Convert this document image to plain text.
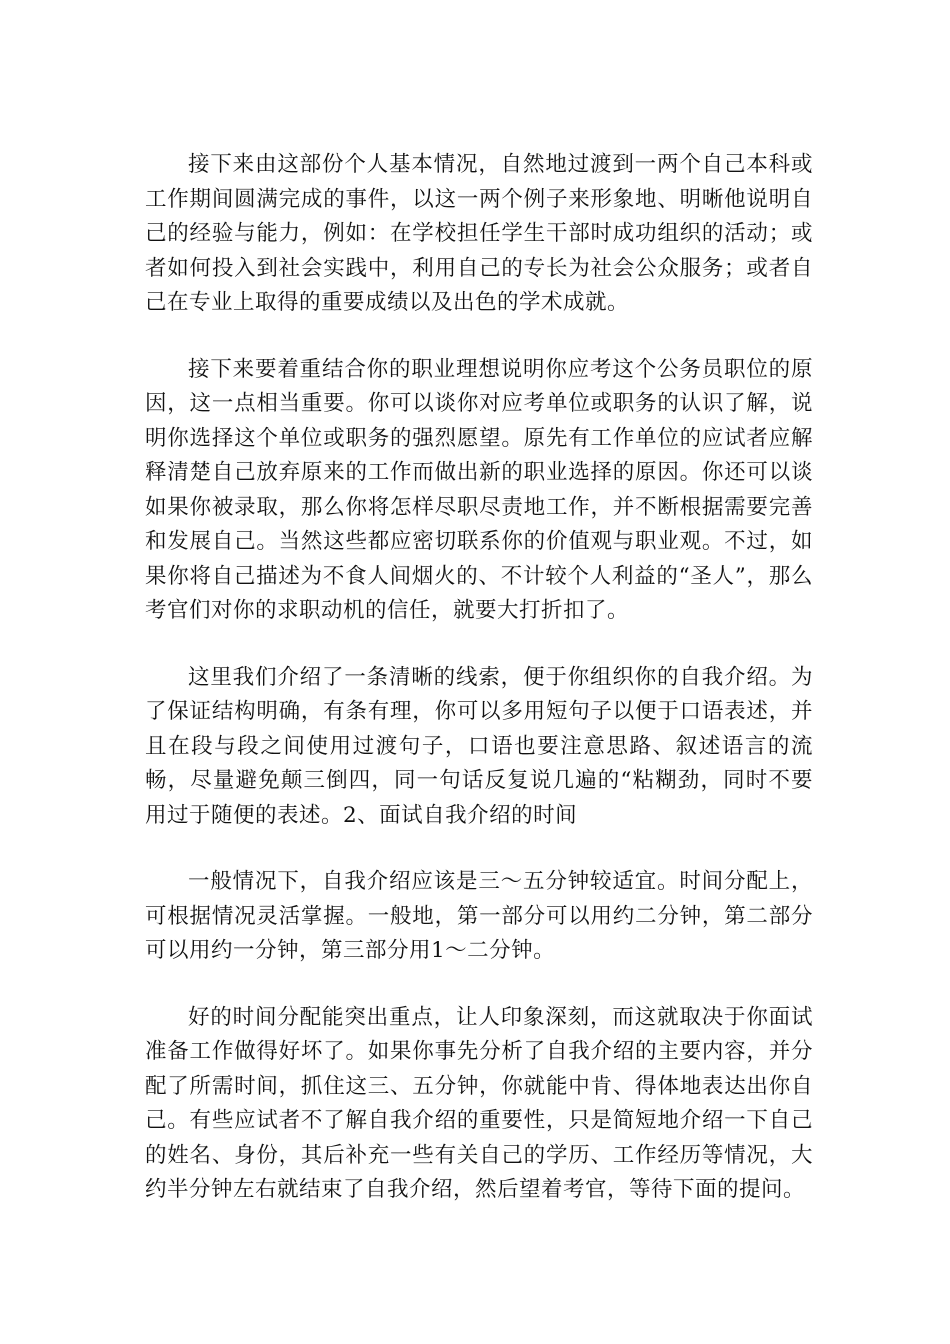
接下来由这部份个人基本情况，自然地过渡到一两个自己本科或工作期间圆满完成的事件，以这一两个例子来形象地、明晰他说明自己的经验与能力，例如：在学校担任学生干部时成功组织的活动；或者如何投入到社会实践中，利用自己的专长为社会公众服务；或者自己在专业上取得的重要成绩以及出色的学术成就。

接下来要着重结合你的职业理想说明你应考这个公务员职位的原因，这一点相当重要。你可以谈你对应考单位或职务的认识了解，说明你选择这个单位或职务的强烈愿望。原先有工作单位的应试者应解释清楚自己放弃原来的工作而做出新的职业选择的原因。你还可以谈如果你被录取，那么你将怎样尽职尽责地工作，并不断根据需要完善和发展自己。当然这些都应密切联系你的价值观与职业观。不过，如果你将自己描述为不食人间烟火的、不计较个人利益的“圣人”，那么考官们对你的求职动机的信任，就要大打折扣了。

这里我们介绍了一条清晰的线索，便于你组织你的自我介绍。为了保证结构明确，有条有理，你可以多用短句子以便于口语表述，并且在段与段之间使用过渡句子，口语也要注意思路、叙述语言的流畅，尽量避免颠三倒四，同一句话反复说几遍的“粘糊劲，同时不要用过于随便的表述。2、面试自我介绍的时间

一般情况下，自我介绍应该是三～五分钟较适宜。时间分配上，可根据情况灵活掌握。一般地，第一部分可以用约二分钟，第二部分可以用约一分钟，第三部分用1～二分钟。

好的时间分配能突出重点，让人印象深刻，而这就取决于你面试准备工作做得好坏了。如果你事先分析了自我介绍的主要内容，并分配了所需时间，抓住这三、五分钟，你就能中肯、得体地表达出你自己。有些应试者不了解自我介绍的重要性，只是简短地介绍一下自己的姓名、身份，其后补充一些有关自己的学历、工作经历等情况，大约半分钟左右就结束了自我介绍，然后望着考官，等待下面的提问。
